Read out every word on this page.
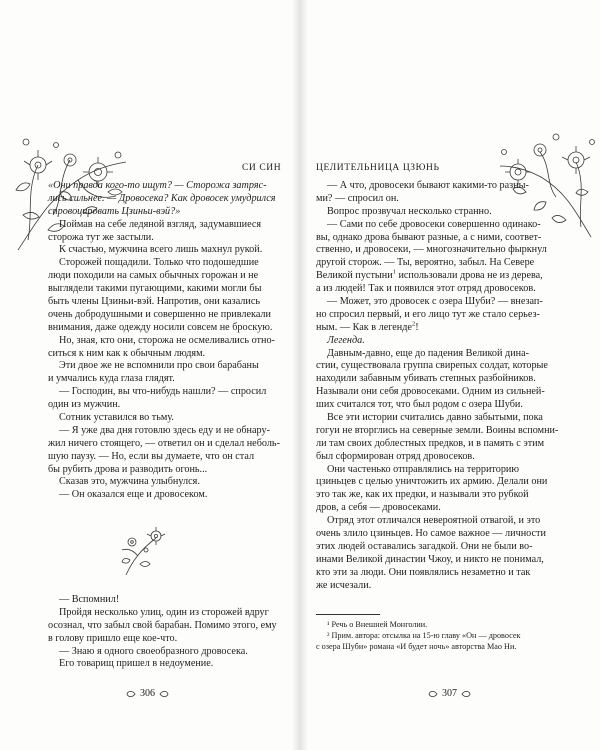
СИ СИН
«Они правда кого-то ищут? — Сторожа затряс-
лись сильнее. — Дровосека? Как дровосек умудрился
спровоцировать Цзиньи-вэй?»
Поймав на себе ледяной взгляд, задумавшиеся
сторожа тут же застыли.
К счастью, мужчина всего лишь махнул рукой.
Сторожей пощадили. Только что подошедшие
люди походили на самых обычных горожан и не
выглядели такими пугающими, какими могли бы
быть члены Цзиньи-вэй. Напротив, они казались
очень добродушными и совершенно не привлекали
внимания, даже одежду носили совсем не броскую.
Но, зная, кто они, сторожа не осмеливались отно-
ситься к ним как к обычным людям.
Эти двое же не вспомнили про свои барабаны
и умчались куда глаза глядят.
— Господин, вы что-нибудь нашли? — спросил
один из мужчин.
Сотник уставился во тьму.
— Я уже два дня готовлю здесь еду и не обнару-
жил ничего стоящего, — ответил он и сделал неболь-
шую паузу. — Но, если вы думаете, что он стал
бы рубить дрова и разводить огонь...
Сказав это, мужчина улыбнулся.
— Он оказался еще и дровосеком.
— Вспомнил!
Пройдя несколько улиц, один из сторожей вдруг
осознал, что забыл свой барабан. Помимо этого, ему
в голову пришло еще кое-что.
— Знаю я одного своеобразного дровосека.
Его товарищ пришел в недоумение.
306
ЦЕЛИТЕЛЬНИЦА ЦЗЮНЬ
— А что, дровосеки бывают какими-то разны-
ми? — спросил он.
Вопрос прозвучал несколько странно.
— Сами по себе дровосеки совершенно одинако-
вы, однако дрова бывают разные, а с ними, соответ-
ственно, и дровосеки, — многозначительно фыркнул
другой сторож. — Ты, вероятно, забыл. На Севере
Великой пустыни$^1$ использовали дрова не из дерева,
а из людей! Так и появился этот отряд дровосеков.
— Может, это дровосек с озера Шуби? — внезап-
но спросил первый, и его лицо тут же стало серьез-
ным. — Как в легенде$^2$!
Легенда.
Давным-давно, еще до падения Великой дина-
стии, существовала группа свирепых солдат, которые
находили забавным убивать степных разбойников.
Называли они себя дровосеками. Одним из сильней-
ших считался тот, что был родом с озера Шуби.
Все эти истории считались давно забытыми, пока
гогуи не вторглись на северные земли. Воины вспомни-
ли там своих доблестных предков, и в память с этим
был сформирован отряд дровосеков.
Они частенько отправлялись на территорию
цзиньцев с целью уничтожить их армию. Делали они
это так же, как их предки, и называли это рубкой
дров, а себя — дровосеками.
Отряд этот отличался невероятной отвагой, и это
очень злило цзиньцев. Но самое важное — личности
этих людей оставались загадкой. Они не были во-
инами Великой династии Чжоу, и никто не понимал,
кто эти за люди. Они появлялись незаметно и так
же исчезали.
¹ Речь о Внешней Монголии.
² Прим. автора: отсылка на 15-ю главу «Он — дровосек
с озера Шуби» романа «И будет ночь» авторства Мао Ни.
307
